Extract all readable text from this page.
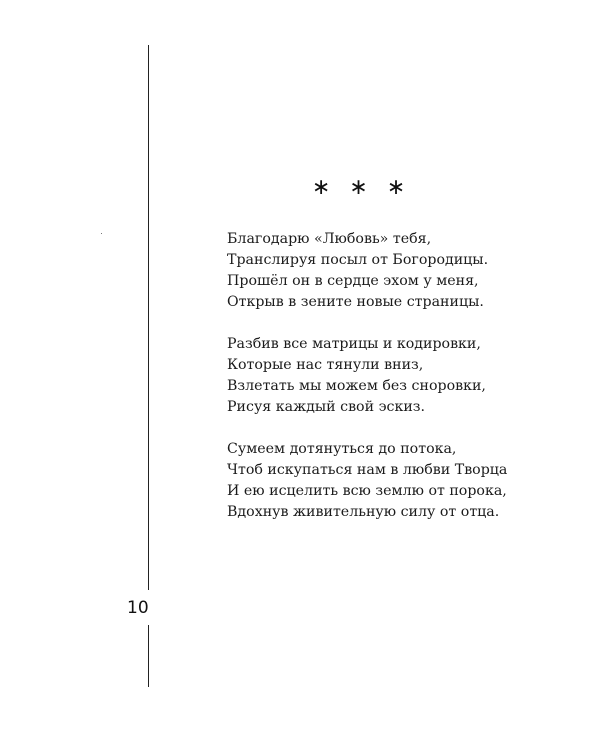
10
∗ ∗ ∗
Благодарю «Любовь» тебя,
Транслируя посыл от Богородицы.
Прошёл он в сердце эхом у меня,
Открыв в зените новые страницы.
Разбив все матрицы и кодировки,
Которые нас тянули вниз,
Взлетать мы можем без сноровки,
Рисуя каждый свой эскиз.
Сумеем дотянуться до потока,
Чтоб искупаться нам в любви Творца
И ею исцелить всю землю от порока,
Вдохнув живительную силу от отца.
